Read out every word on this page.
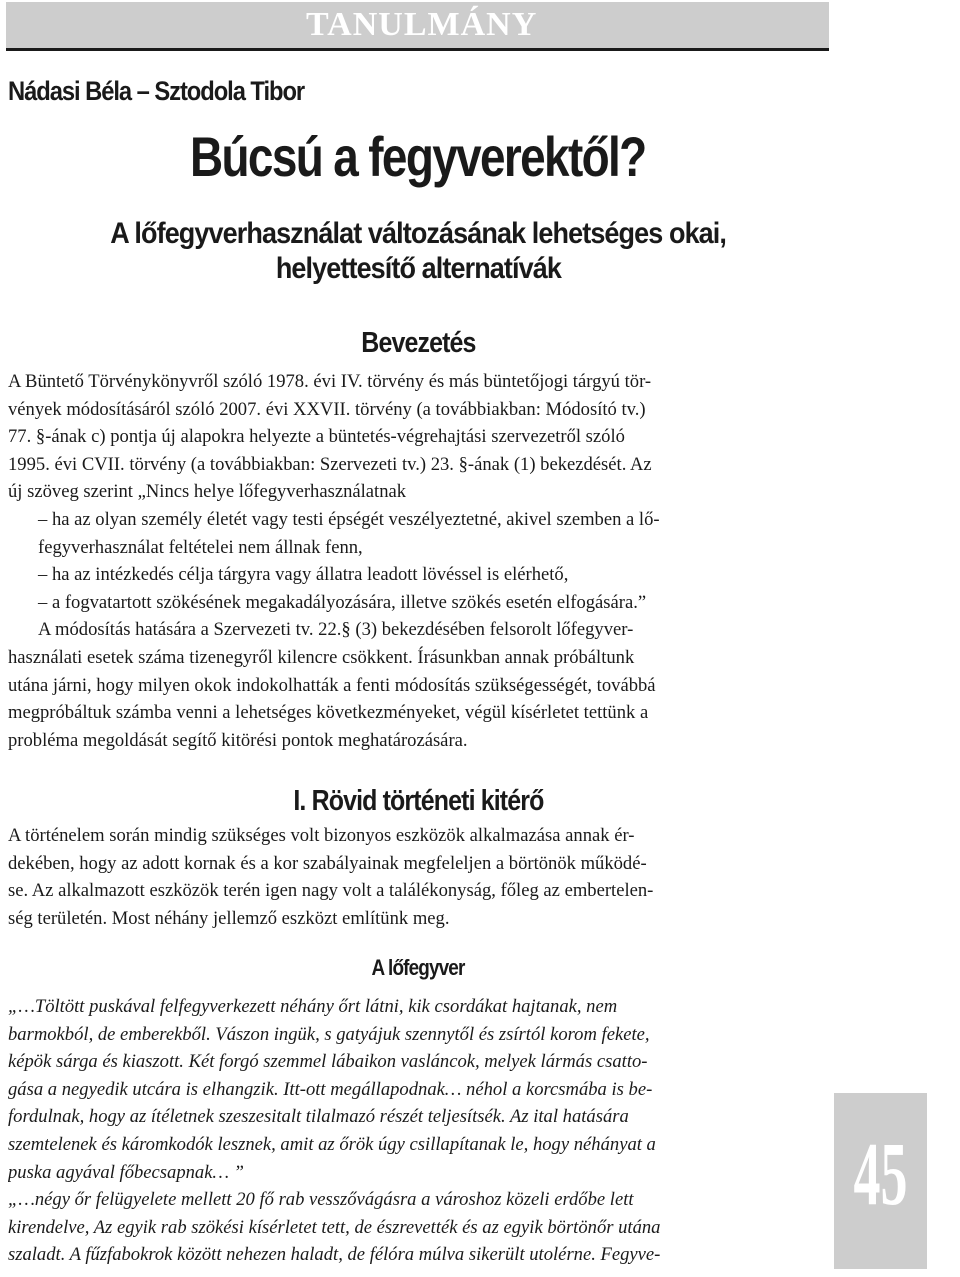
TANULMÁNY
Nádasi Béla – Sztodola Tibor
Búcsú a fegyverektől?
A lőfegyverhasználat változásának lehetséges okai,
helyettesítő alternatívák
Bevezetés
A Büntető Törvénykönyvről szóló 1978. évi IV. törvény és más büntetőjogi tárgyú tör-
vények módosításáról szóló 2007. évi XXVII. törvény (a továbbiakban: Módosító tv.)
77. §-ának c) pontja új alapokra helyezte a büntetés-végrehajtási szervezetről szóló
1995. évi CVII. törvény (a továbbiakban: Szervezeti tv.) 23. §-ának (1) bekezdését. Az
új szöveg szerint „Nincs helye lőfegyverhasználatnak
– ha az olyan személy életét vagy testi épségét veszélyeztetné, akivel szemben a lő-
fegyverhasználat feltételei nem állnak fenn,
– ha az intézkedés célja tárgyra vagy állatra leadott lövéssel is elérhető,
– a fogvatartott szökésének megakadályozására, illetve szökés esetén elfogására.”
A módosítás hatására a Szervezeti tv. 22.§ (3) bekezdésében felsorolt lőfegyver-
használati esetek száma tizenegyről kilencre csökkent. Írásunkban annak próbáltunk
utána járni, hogy milyen okok indokolhatták a fenti módosítás szükségességét, továbbá
megpróbáltuk számba venni a lehetséges következményeket, végül kísérletet tettünk a
probléma megoldását segítő kitörési pontok meghatározására.
I. Rövid történeti kitérő
A történelem során mindig szükséges volt bizonyos eszközök alkalmazása annak ér-
dekében, hogy az adott kornak és a kor szabályainak megfeleljen a börtönök működé-
se. Az alkalmazott eszközök terén igen nagy volt a találékonyság, főleg az embertelen-
ség területén. Most néhány jellemző eszközt említünk meg.
A lőfegyver
„…Töltött puskával felfegyverkezett néhány őrt látni, kik csordákat hajtanak, nem
barmokból, de emberekből. Vászon ingük, s gatyájuk szennytől és zsírtól korom fekete,
képök sárga és kiaszott. Két forgó szemmel lábaikon vasláncok, melyek lármás csatto-
gása a negyedik utcára is elhangzik. Itt-ott megállapodnak… néhol a korcsmába is be-
fordulnak, hogy az ítéletnek szeszesitalt tilalmazó részét teljesítsék. Az ital hatására
szemtelenek és káromkodók lesznek, amit az őrök úgy csillapítanak le, hogy néhányat a
puska agyával főbecsapnak… ”
„…négy őr felügyelete mellett 20 fő rab vesszővágásra a városhoz közeli erdőbe lett
kirendelve, Az egyik rab szökési kísérletet tett, de észrevették és az egyik börtönőr utána
szaladt. A fűzfabokrok között nehezen haladt, de félóra múlva sikerült utolérne. Fegyve-
45
